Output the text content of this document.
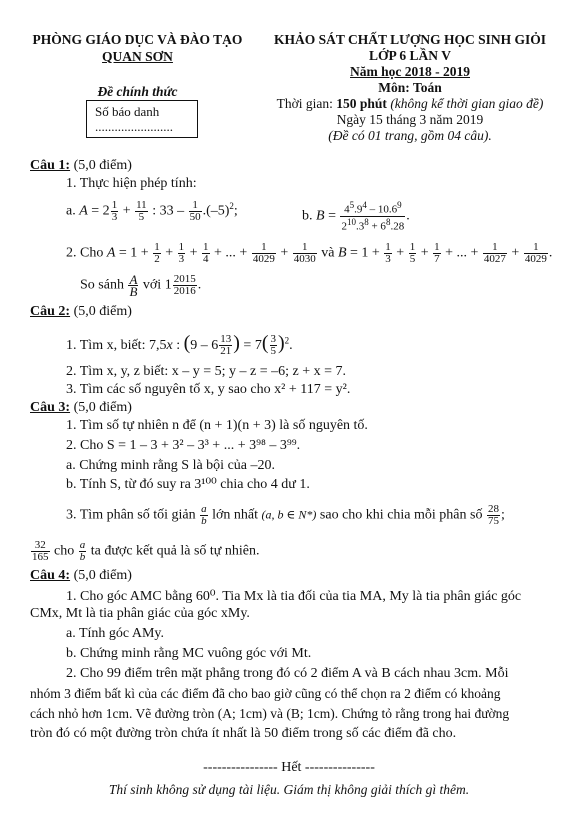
PHÒNG GIÁO DỤC VÀ ĐÀO TẠO
QUAN SƠN
Đề chính thức
Số báo danh
........................
KHẢO SÁT CHẤT LƯỢNG HỌC SINH GIỎI
LỚP 6 LẦN V
Năm học 2018 - 2019
Môn: Toán
Thời gian: 150 phút (không kể thời gian giao đề)
Ngày 15 tháng 3 năm 2019
(Đề có 01 trang, gồm 04 câu).
Câu 1: (5,0 điểm)
1. Thực hiện phép tính:
a. $A = 2 \frac{1}{3} + \frac{11}{5}$ : $33 - \frac{1}{50} .(-5)^2$;	b. $B = \frac{4^5.9^4 - 10.6^9}{2^{10}.3^8 + 6^8.28}$ .
2. Cho $A = 1 + \frac{1}{2} + \frac{1}{3} + \frac{1}{4}$ + ... + $\frac{1}{4029} + \frac{1}{4030}$ và $B = 1 + \frac{1}{3} + \frac{1}{5} + \frac{1}{7}$ + ... + $\frac{1}{4027} + \frac{1}{4029}$ .
So sánh $\frac{A}{B}$ với $1 \frac{2015}{2016}$ .
Câu 2: (5,0 điểm)
1. Tìm x, biết: 7,5x : ($9 - 6 \frac{13}{21}$ ) = $7( \frac{3}{5} )^2$.
2. Tìm x, y, z biết: x – y = 5; y – z = –6; z + x = 7.
3. Tìm các số nguyên tố x, y sao cho x² + 117 = y².
Câu 3: (5,0 điểm)
1. Tìm số tự nhiên n để (n + 1)(n + 3) là số nguyên tố.
2. Cho S = 1 – 3 + 3² – 3³ + ... + 3⁹⁸ – 3⁹⁹.
a. Chứng minh rằng S là bội của –20.
b. Tính S, từ đó suy ra 3¹⁰⁰ chia cho 4 dư 1.
3. Tìm phân số tối giản $\frac{a}{b}$ lớn nhất (a, b ∈ N*) sao cho khi chia mỗi phân số $\frac{28}{75}$ ;
$\frac{32}{165}$ cho $\frac{a}{b}$ ta được kết quả là số tự nhiên.
Câu 4: (5,0 điểm)
1. Cho góc AMC bằng 60⁰. Tia Mx là tia đối của tia MA, My là tia phân giác góc
CMx, Mt là tia phân giác của góc xMy.
a. Tính góc AMy.
b. Chứng minh rằng MC vuông góc với Mt.
2. Cho 99 điểm trên mặt phẳng trong đó có 2 điểm A và B cách nhau 3cm. Mỗi
nhóm 3 điểm bất kì của các điểm đã cho bao giờ cũng có thể chọn ra 2 điểm có khoảng
cách nhỏ hơn 1cm. Vẽ đường tròn (A; 1cm) và (B; 1cm). Chứng tỏ rằng trong hai đường
tròn đó có một đường tròn chứa ít nhất là 50 điểm trong số các điểm đã cho.
---------------- Hết ---------------
Thí sinh không sử dụng tài liệu. Giám thị không giải thích gì thêm.
